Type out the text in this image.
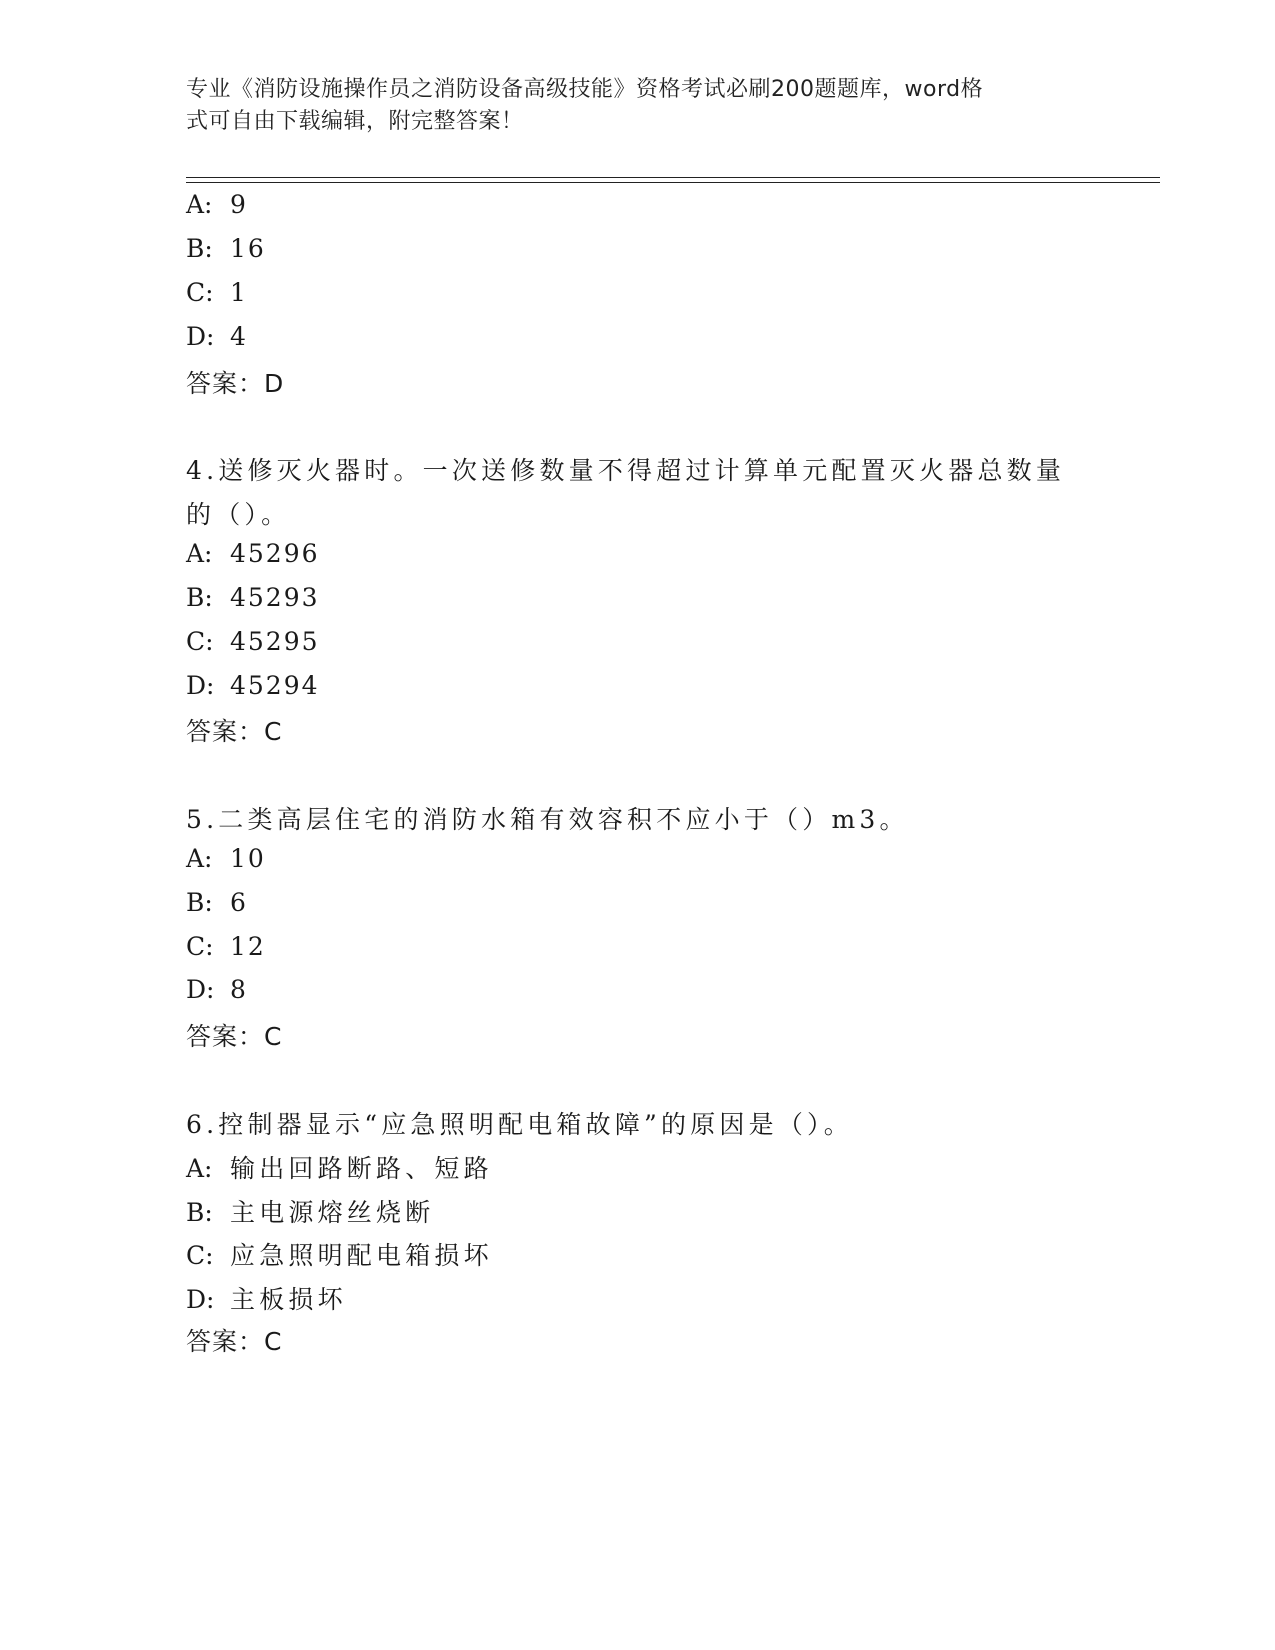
专业《消防设施操作员之消防设备高级技能》资格考试必刷200题题库，word格
式可自由下载编辑，附完整答案！
A: 9
B: 16
C: 1
D: 4
答案：D
4.送修灭火器时。一次送修数量不得超过计算单元配置灭火器总数量
的（）。
A: 45296
B: 45293
C: 45295
D: 45294
答案：C
5.二类高层住宅的消防水箱有效容积不应小于（）m3。
A: 10
B: 6
C: 12
D: 8
答案：C
6.控制器显示“应急照明配电箱故障”的原因是（）。
A: 输出回路断路、短路
B: 主电源熔丝烧断
C: 应急照明配电箱损坏
D: 主板损坏
答案：C
